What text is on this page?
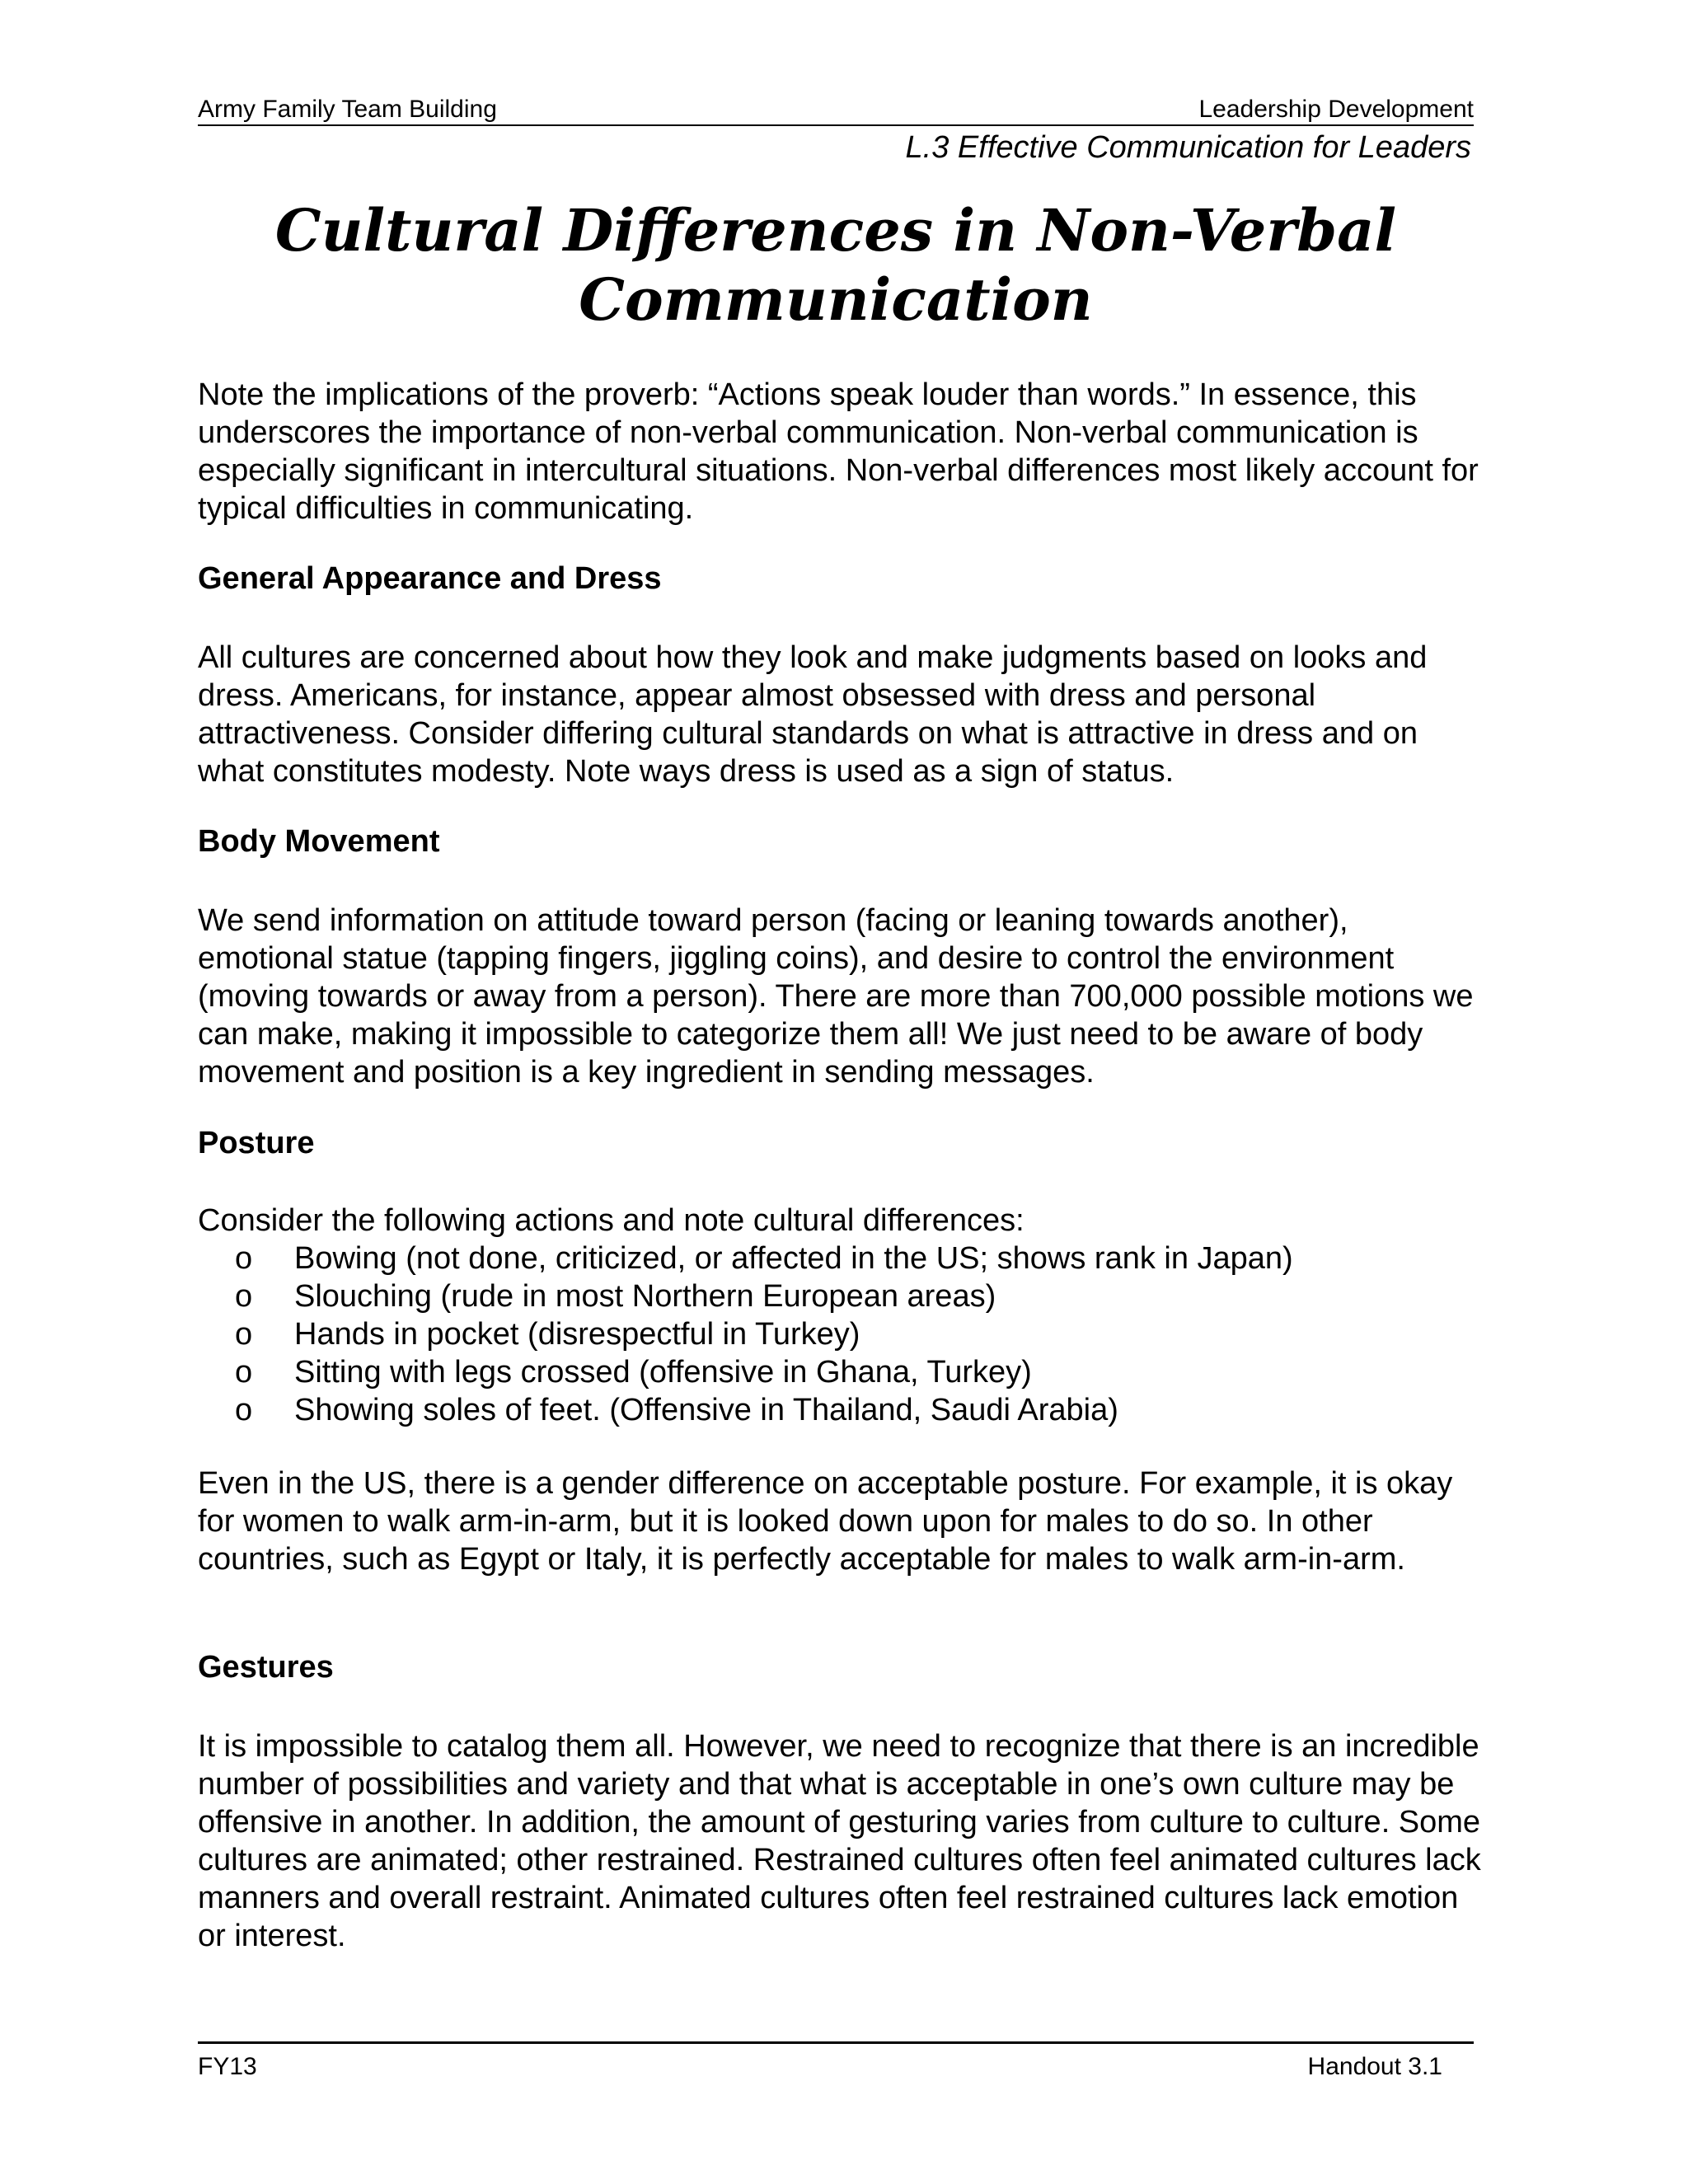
Army Family Team Building	Leadership Development
L.3 Effective Communication for Leaders
Cultural Differences in Non-Verbal
Communication
Note the implications of the proverb: “Actions speak louder than words.” In essence, this underscores the importance of non-verbal communication. Non-verbal communication is especially significant in intercultural situations. Non-verbal differences most likely account for typical difficulties in communicating.
General Appearance and Dress
All cultures are concerned about how they look and make judgments based on looks and dress. Americans, for instance, appear almost obsessed with dress and personal attractiveness. Consider differing cultural standards on what is attractive in dress and on what constitutes modesty. Note ways dress is used as a sign of status.
Body Movement
We send information on attitude toward person (facing or leaning towards another), emotional statue (tapping fingers, jiggling coins), and desire to control the environment (moving towards or away from a person). There are more than 700,000 possible motions we can make, making it impossible to categorize them all! We just need to be aware of body movement and position is a key ingredient in sending messages.
Posture
Consider the following actions and note cultural differences:
o Bowing (not done, criticized, or affected in the US; shows rank in Japan)
o Slouching (rude in most Northern European areas)
o Hands in pocket (disrespectful in Turkey)
o Sitting with legs crossed (offensive in Ghana, Turkey)
o Showing soles of feet. (Offensive in Thailand, Saudi Arabia)
Even in the US, there is a gender difference on acceptable posture. For example, it is okay for women to walk arm-in-arm, but it is looked down upon for males to do so. In other countries, such as Egypt or Italy, it is perfectly acceptable for males to walk arm-in-arm.
Gestures
It is impossible to catalog them all. However, we need to recognize that there is an incredible number of possibilities and variety and that what is acceptable in one’s own culture may be offensive in another. In addition, the amount of gesturing varies from culture to culture. Some cultures are animated; other restrained. Restrained cultures often feel animated cultures lack manners and overall restraint. Animated cultures often feel restrained cultures lack emotion or interest.
FY13	Handout 3.1
